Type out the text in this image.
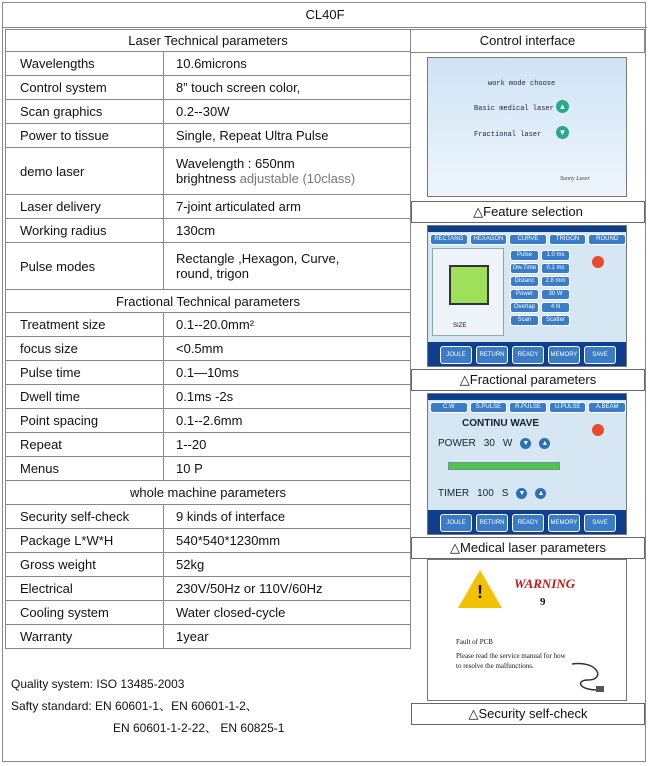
CL40F
Laser Technical parameters	
Wavelengths	10.6microns
Control system	8” touch screen color,
Scan graphics	0.2--30W
Power to tissue	Single, Repeat Ultra Pulse
demo laser	Wavelength : 650nm
brightness adjustable (10class)

Laser delivery	7-joint articulated arm
Working radius	130cm
Pulse modes	Rectangle ,Hexagon, Curve,
round, trigon

Fractional Technical parameters	
Treatment size	0.1--20.0mm²
focus size	<0.5mm
Pulse time	0.1—10ms
Dwell time	0.1ms -2s
Point spacing	0.1--2.6mm
Repeat	1--20
Menus	10 P
whole machine parameters	
Security self-check	9 kinds of interface
Package L*W*H	540*540*1230mm
Gross weight	52kg
Electrical	230V/50Hz or 110V/60Hz
Cooling system	Water closed-cycle
Warranty	1year
Quality system: ISO 13485-2003
Safty standard: EN 60601-1、EN 60601-1-2、
EN 60601-1-2-22、 EN 60825-1
Control interface
work mode choose
Basic medical laser ▲
Fractional laser	▼
Sunny Laser
△Feature selection
RECTANG	HEXAGON	CURVE	TRIGON	ROUND
SIZE
Pulse	1.0 ms
Dw.Time	0.1 ms
Distanc	2.8 mm
Power	30 W
Overlap	4 N
Scan	Scatter
JOULE	RETURN	READY	MEMORY	SAVE
△Fractional parameters
C.W	S.PULSE	R.PULSE	U.PULSE	A.BEAM
CONTINU WAVE
POWER 30 W ▼ ▲
TIMER 100 S ▼ ▲
JOULE	RETURN	READY	MEMORY	SAVE
△Medical laser parameters
! WARNING
9
Fault of PCB
Please read the service manual for how
to resolve the malfunctions.
△Security self-check
